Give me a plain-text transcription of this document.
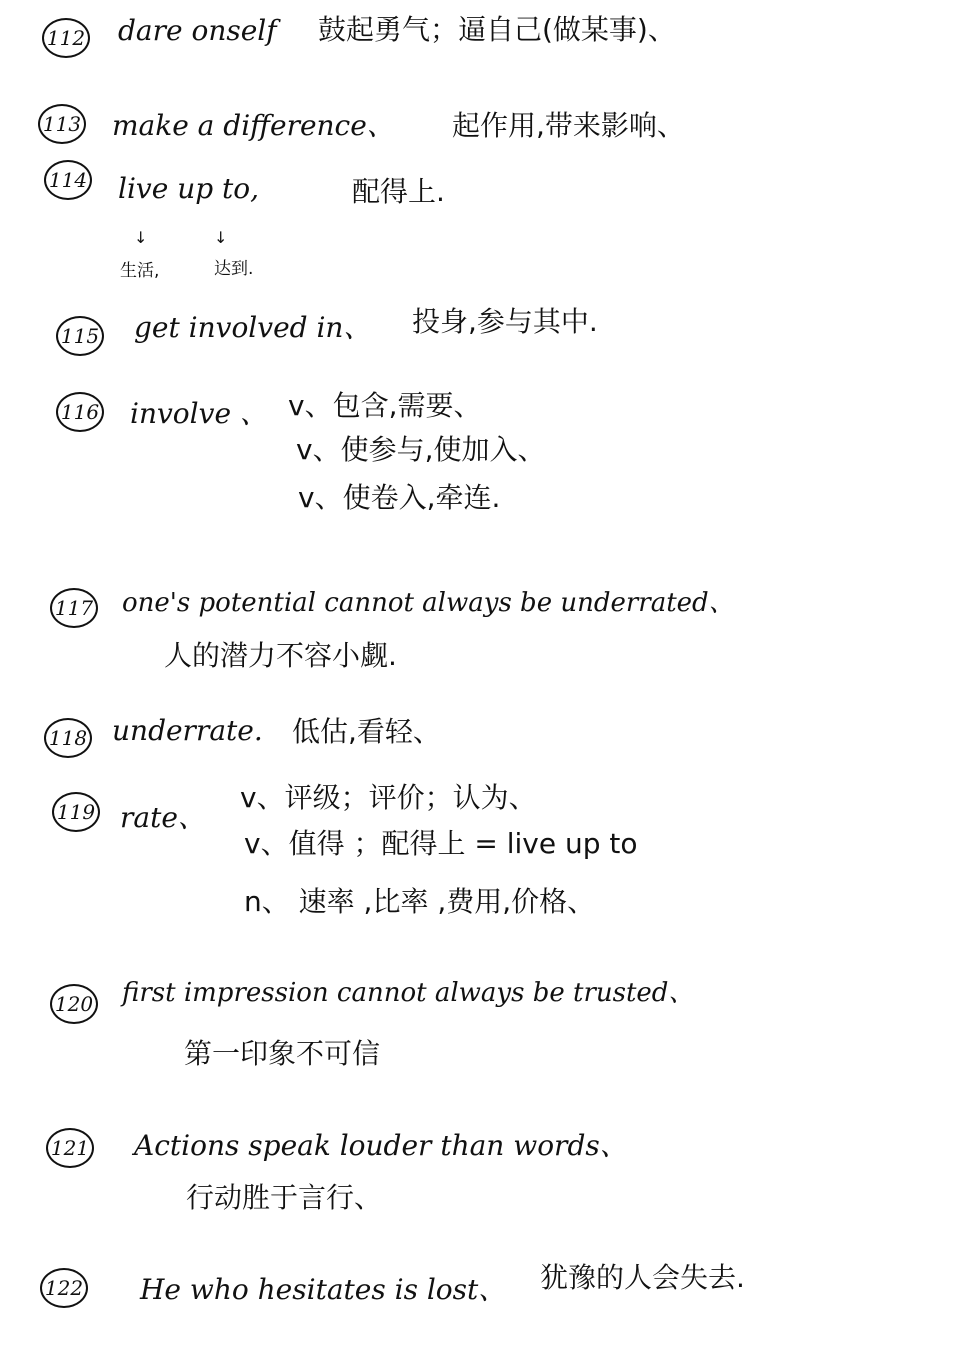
112 dare onself 鼓起勇气；逼自己(做某事)、
113 make a difference、 起作用,带来影响、
114 live up to,	配得上.
↓	↓
生活,	达到.
115 get involved in、 投身,参与其中.
116 involve 、 v、包含,需要、
v、使参与,使加入、
v、使卷入,牵连.
117 one's potential cannot always be underrated、
人的潜力不容小觑.
118 underrate. 低估,看轻、
119 rate、
v、评级；评价；认为、
v、值得 ；配得上 = live up to
n、 速率 ,比率 ,费用,价格、
120 first impression cannot always be trusted、
第一印象不可信
121 Actions speak louder than words、
行动胜于言行、
122 He who hesitates is lost、 犹豫的人会失去.
